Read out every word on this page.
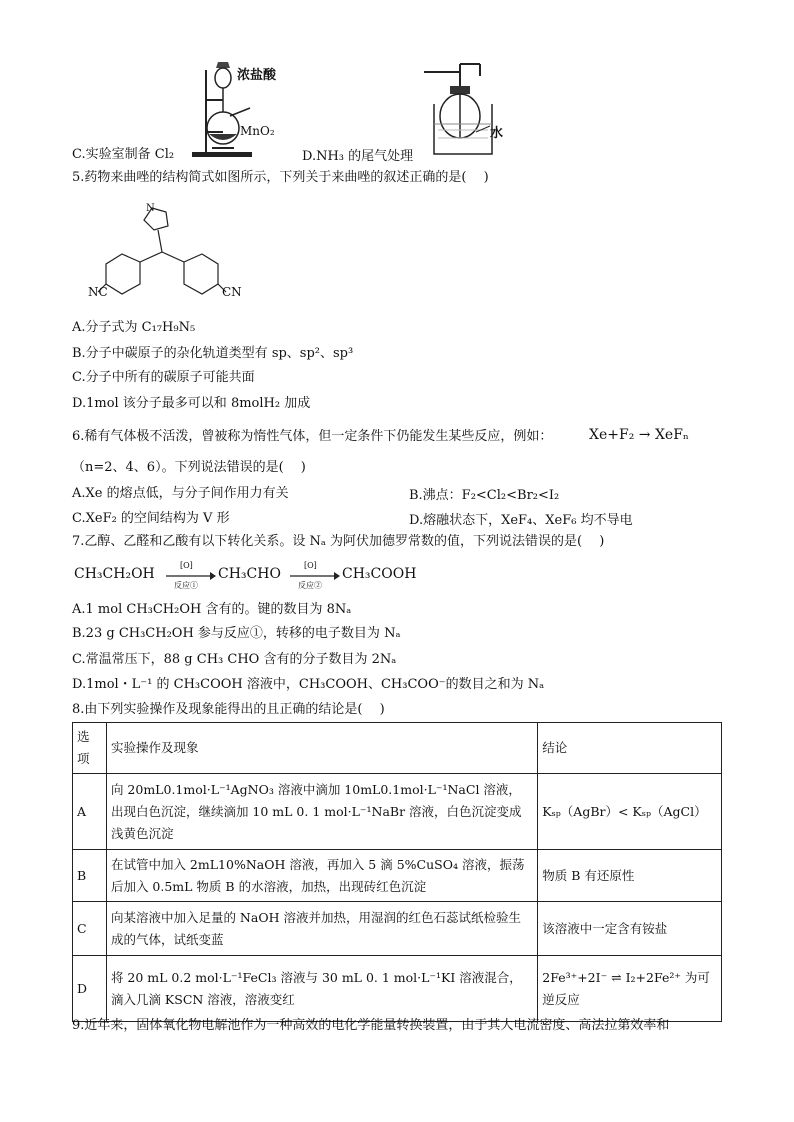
浓盐酸
MnO₂	水
C.实验室制备 Cl₂	D.NH₃ 的尾气处理
5.药物来曲唑的结构简式如图所示，下列关于来曲唑的叙述正确的是(　 )
N
NC	CN
A.分子式为 C₁₇H₉N₅
B.分子中碳原子的杂化轨道类型有 sp、sp²、sp³
C.分子中所有的碳原子可能共面
D.1mol 该分子最多可以和 8molH₂ 加成
6.稀有气体极不活泼，曾被称为惰性气体，但一定条件下仍能发生某些反应，例如：	Xe+F₂ → XeFₙ
（n=2、4、6）。下列说法错误的是(　 )
A.Xe 的熔点低，与分子间作用力有关	B.沸点：F₂<Cl₂<Br₂<I₂
C.XeF₂ 的空间结构为 V 形	D.熔融状态下，XeF₄、XeF₆ 均不导电
7.乙醇、乙醛和乙酸有以下转化关系。设 Nₐ 为阿伏加德罗常数的值，下列说法错误的是(　 )
CH₃CH₂OH
[O]
反应①
CH₃CHO
[O]
反应②
CH₃COOH
A.1 mol CH₃CH₂OH 含有的。键的数目为 8Nₐ
B.23 g CH₃CH₂OH 参与反应①，转移的电子数目为 Nₐ
C.常温常压下，88 g CH₃ CHO 含有的分子数目为 2Nₐ
D.1mol・L⁻¹ 的 CH₃COOH 溶液中，CH₃COOH、CH₃COO⁻的数目之和为 Nₐ
8.由下列实验操作及现象能得出的且正确的结论是(　 )
选项	实验操作及现象	结论
A	向 20mL0.1mol·L⁻¹AgNO₃ 溶液中滴加 10mL0.1mol·L⁻¹NaCl 溶液，出现白色沉淀，继续滴加 10 mL 0. 1 mol·L⁻¹NaBr 溶液，白色沉淀变成浅黄色沉淀	Kₛₚ（AgBr）< Kₛₚ（AgCl）
B	在试管中加入 2mL10%NaOH 溶液，再加入 5 滴 5%CuSO₄ 溶液，振荡后加入 0.5mL 物质 B 的水溶液，加热，出现砖红色沉淀	物质 B 有还原性
C	向某溶液中加入足量的 NaOH 溶液并加热，用湿润的红色石蕊试纸检验生成的气体，试纸变蓝	该溶液中一定含有铵盐
D	将 20 mL 0.2 mol·L⁻¹FeCl₃ 溶液与 30 mL 0. 1 mol·L⁻¹KI 溶液混合，滴入几滴 KSCN 溶液，溶液变红	2Fe³⁺+2I⁻ ⇌ I₂+2Fe²⁺ 为可逆反应
9.近年来，固体氧化物电解池作为一种高效的电化学能量转换装置，由于其大电流密度、高法拉第效率和
